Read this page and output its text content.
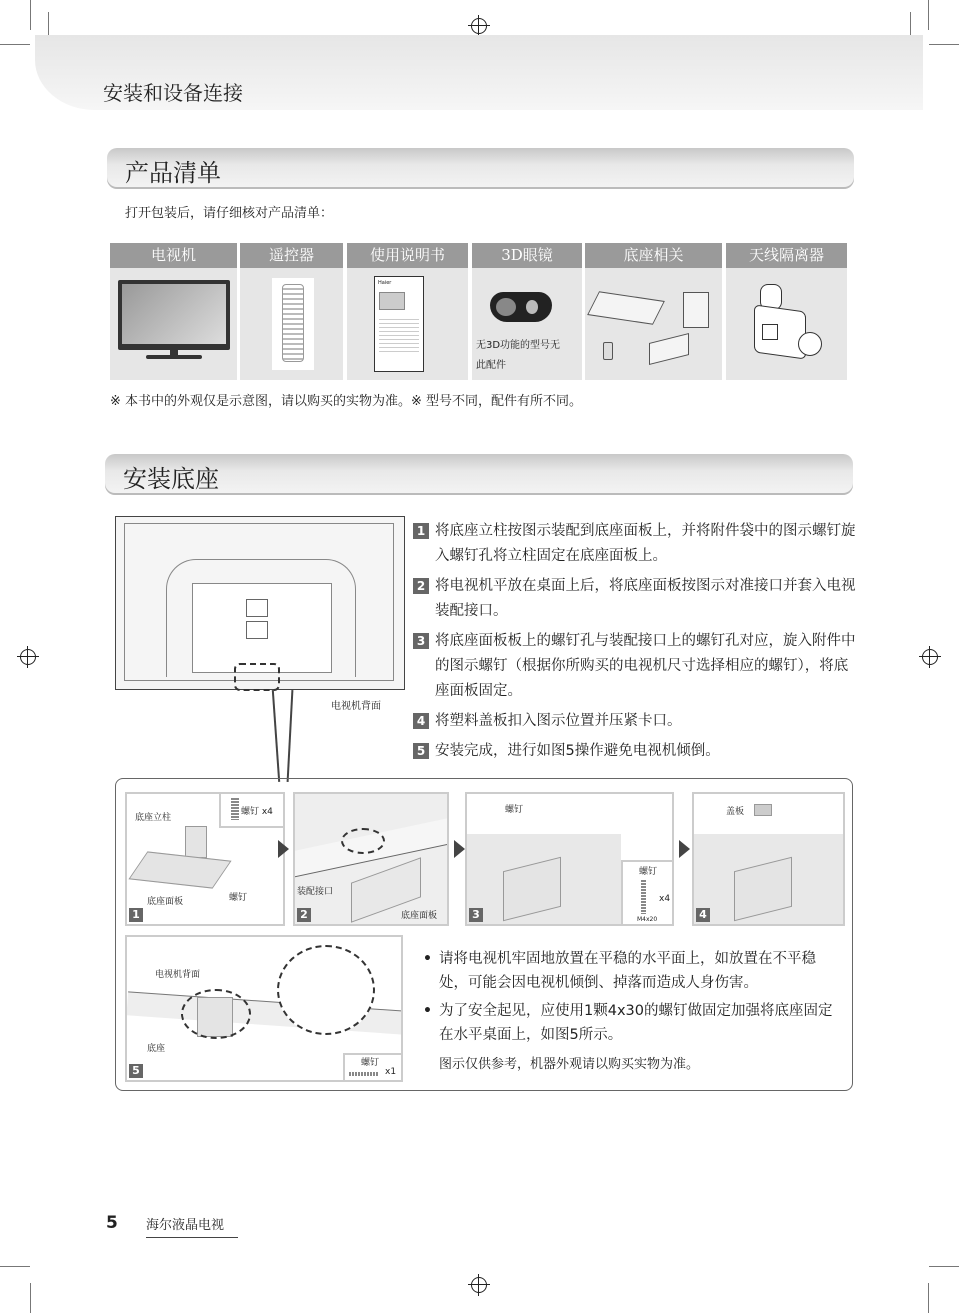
安装和设备连接
产品清单
打开包装后，请仔细核对产品清单：
电视机	遥控器	使用说明书	3D眼镜	底座相关	天线隔离器
Haier
无3D功能的型号无
此配件
※ 本书中的外观仅是示意图，请以购买的实物为准。※ 型号不同，配件有所不同。
安装底座
电视机背面
1 将底座立柱按图示装配到底座面板上，并将附件袋中的图示螺钉旋入螺钉孔将立柱固定在底座面板上。
2 将电视机平放在桌面上后，将底座面板按图示对准接口并套入电视装配接口。
3 将底座面板板上的螺钉孔与装配接口上的螺钉孔对应，旋入附件中的图示螺钉（根据你所购买的电视机尺寸选择相应的螺钉），将底座面板固定。
4 将塑料盖板扣入图示位置并压紧卡口。
5 安装完成，进行如图5操作避免电视机倾倒。
螺钉 x4
底座立柱
螺钉
底座面板
1
装配接口
底座面板
2
螺钉
螺钉
x4
M4x20
3
盖板
4
电视机背面
底座
螺钉
x1
5
• 请将电视机牢固地放置在平稳的水平面上，如放置在不平稳处，可能会因电视机倾倒、掉落而造成人身伤害。
• 为了安全起见，应使用1颗4x30的螺钉做固定加强将底座固定在水平桌面上，如图5所示。
图示仅供参考，机器外观请以购买实物为准。
5 海尔液晶电视
